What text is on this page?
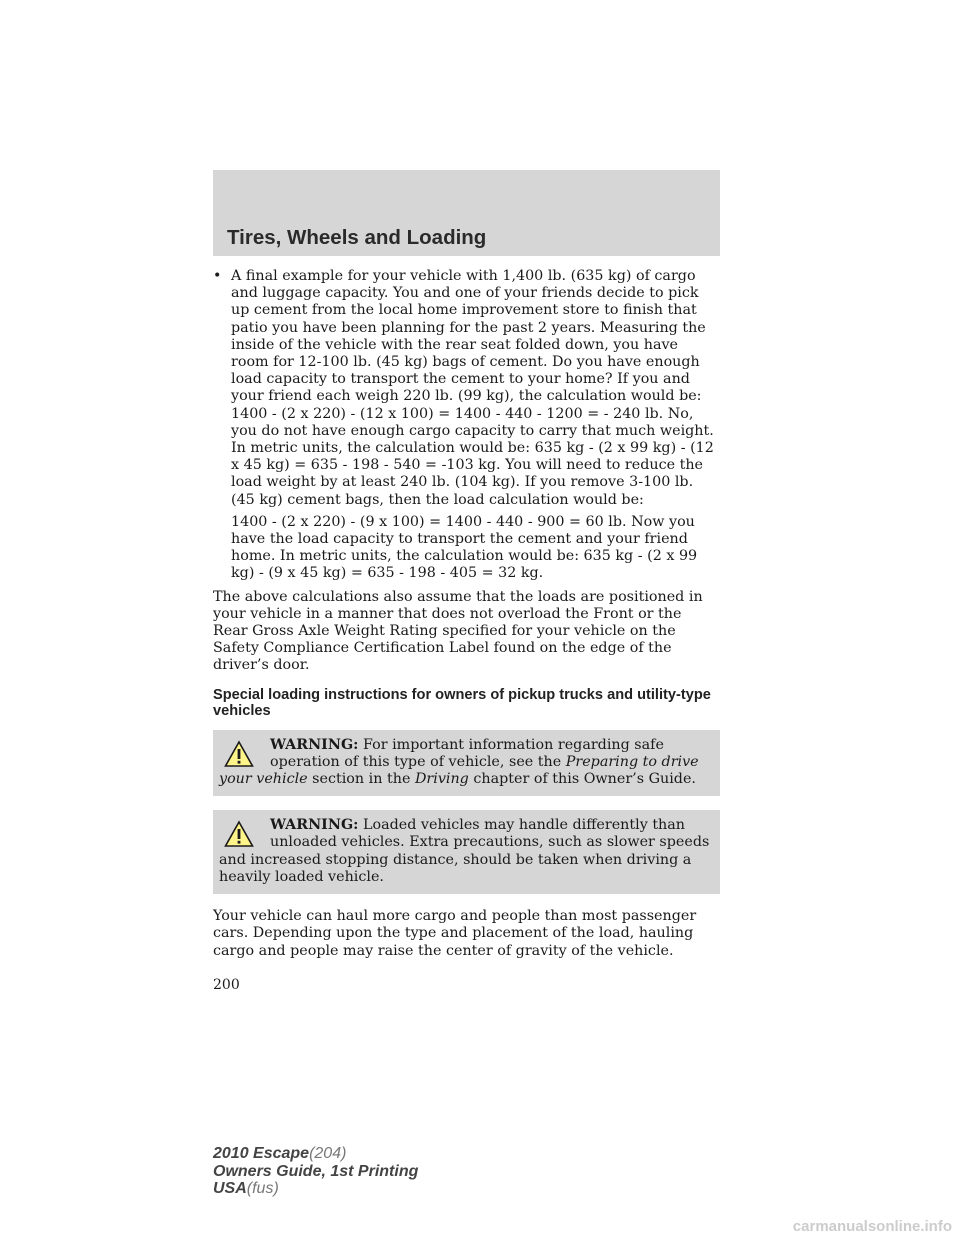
Tires, Wheels and Loading
• A final example for your vehicle with 1,400 lb. (635 kg) of cargo and luggage capacity. You and one of your friends decide to pick up cement from the local home improvement store to finish that patio you have been planning for the past 2 years. Measuring the inside of the vehicle with the rear seat folded down, you have room for 12-100 lb. (45 kg) bags of cement. Do you have enough load capacity to transport the cement to your home? If you and your friend each weigh 220 lb. (99 kg), the calculation would be: 1400 - (2 x 220) - (12 x 100) = 1400 - 440 - 1200 = - 240 lb. No, you do not have enough cargo capacity to carry that much weight. In metric units, the calculation would be: 635 kg - (2 x 99 kg) - (12 x 45 kg) = 635 - 198 - 540 = -103 kg. You will need to reduce the load weight by at least 240 lb. (104 kg). If you remove 3-100 lb. (45 kg) cement bags, then the load calculation would be:

1400 - (2 x 220) - (9 x 100) = 1400 - 440 - 900 = 60 lb. Now you have the load capacity to transport the cement and your friend home. In metric units, the calculation would be: 635 kg - (2 x 99 kg) - (9 x 45 kg) = 635 - 198 - 405 = 32 kg.

The above calculations also assume that the loads are positioned in your vehicle in a manner that does not overload the Front or the Rear Gross Axle Weight Rating specified for your vehicle on the Safety Compliance Certification Label found on the edge of the driver’s door.

Special loading instructions for owners of pickup trucks and utility-type vehicles
WARNING: For important information regarding safe operation of this type of vehicle, see the Preparing to drive your vehicle section in the Driving chapter of this Owner’s Guide.
WARNING: Loaded vehicles may handle differently than unloaded vehicles. Extra precautions, such as slower speeds and increased stopping distance, should be taken when driving a heavily loaded vehicle.

Your vehicle can haul more cargo and people than most passenger cars. Depending upon the type and placement of the load, hauling cargo and people may raise the center of gravity of the vehicle.

200
2010 Escape(204)
Owners Guide, 1st Printing
USA(fus)
carmanualsonline.info
